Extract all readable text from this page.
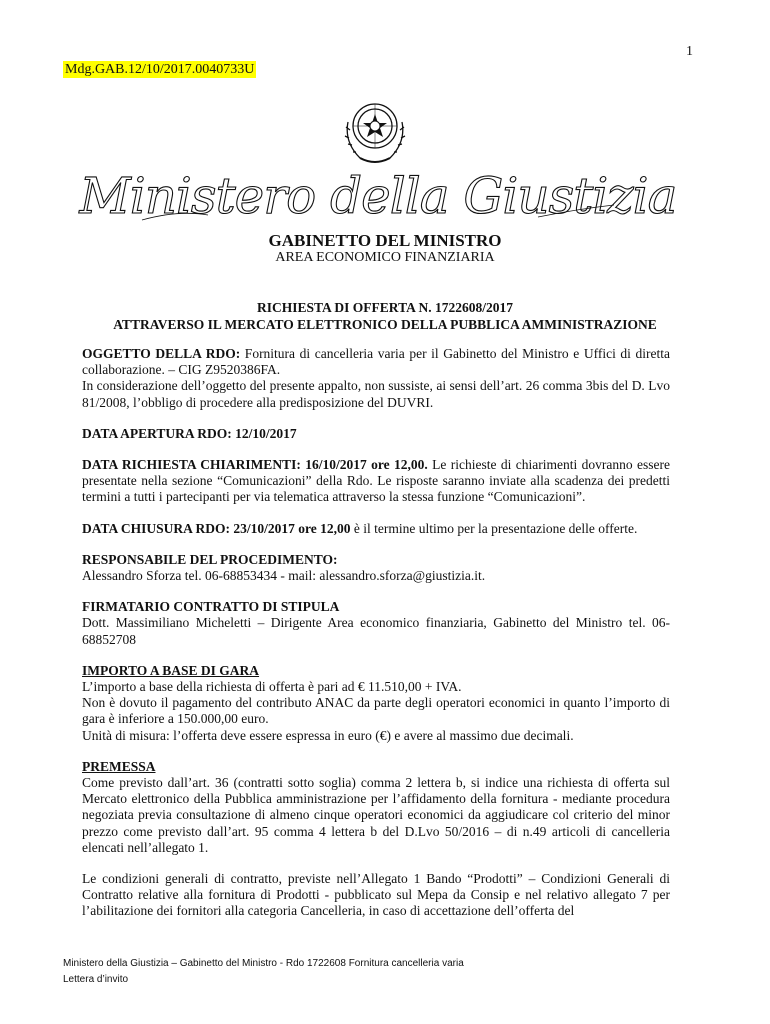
1
Mdg.GAB.12/10/2017.0040733U
Ministero della Giustizia
GABINETTO DEL MINISTRO
AREA ECONOMICO FINANZIARIA
RICHIESTA DI OFFERTA N. 1722608/2017
ATTRAVERSO IL MERCATO ELETTRONICO DELLA PUBBLICA AMMINISTRAZIONE

OGGETTO DELLA RDO: Fornitura di cancelleria varia per il Gabinetto del Ministro e Uffici di diretta collaborazione. – CIG Z9520386FA.
In considerazione dell’oggetto del presente appalto, non sussiste, ai sensi dell’art. 26 comma 3bis del D. Lvo 81/2008, l’obbligo di procedere alla predisposizione del DUVRI.

DATA APERTURA RDO: 12/10/2017

DATA RICHIESTA CHIARIMENTI: 16/10/2017 ore 12,00. Le richieste di chiarimenti dovranno essere presentate nella sezione “Comunicazioni” della Rdo. Le risposte saranno inviate alla scadenza dei predetti termini a tutti i partecipanti per via telematica attraverso la stessa funzione “Comunicazioni”.

DATA CHIUSURA RDO: 23/10/2017 ore 12,00 è il termine ultimo per la presentazione delle offerte.

RESPONSABILE DEL PROCEDIMENTO:
Alessandro Sforza tel. 06-68853434 - mail: alessandro.sforza@giustizia.it.

FIRMATARIO CONTRATTO DI STIPULA
Dott. Massimiliano Micheletti – Dirigente Area economico finanziaria, Gabinetto del Ministro tel. 06-68852708

IMPORTO A BASE DI GARA
L’importo a base della richiesta di offerta è pari ad € 11.510,00 + IVA.
Non è dovuto il pagamento del contributo ANAC da parte degli operatori economici in quanto l’importo di gara è inferiore a 150.000,00 euro.
Unità di misura: l’offerta deve essere espressa in euro (€) e avere al massimo due decimali.

PREMESSA
Come previsto dall’art. 36 (contratti sotto soglia) comma 2 lettera b, si indice una richiesta di offerta sul Mercato elettronico della Pubblica amministrazione per l’affidamento della fornitura - mediante procedura negoziata previa consultazione di almeno cinque operatori economici da aggiudicare col criterio del minor prezzo come previsto dall’art. 95 comma 4 lettera b del D.Lvo 50/2016 – di n.49 articoli di cancelleria elencati nell’allegato 1.

Le condizioni generali di contratto, previste nell’Allegato 1 Bando “Prodotti” – Condizioni Generali di Contratto relative alla fornitura di Prodotti - pubblicato sul Mepa da Consip e nel relativo allegato 7 per l’abilitazione dei fornitori alla categoria Cancelleria, in caso di accettazione dell’offerta del

Ministero della Giustizia – Gabinetto del Ministro - Rdo 1722608 Fornitura cancelleria varia
Lettera d’invito
